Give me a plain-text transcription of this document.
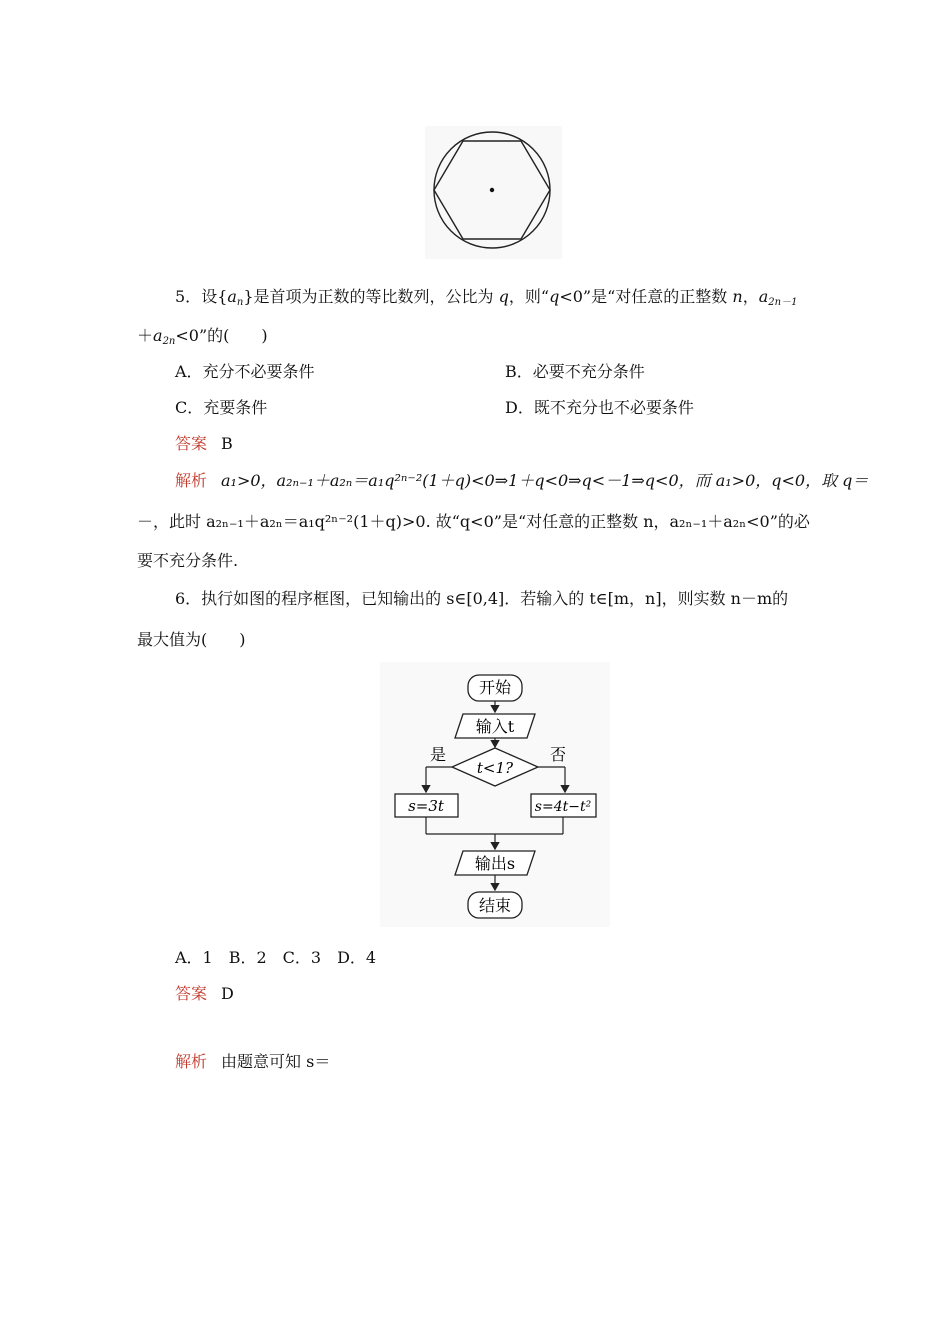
5．设$\{a_n\}$是首项为正数的等比数列，公比为 q，则“q<0”是“对任意的正整数 n，$a_{2n-1}$
$+a_{2n}<0$”的(　　)
A．充分不必要条件	B．必要不充分条件
C．充要条件	D．既不充分也不必要条件
答案 B
解析 a₁>0，a₂ₙ₋₁＋a₂ₙ＝a₁q²ⁿ⁻²(1＋q)<0⇒1＋q<0⇒q<－1⇒q<0，而 a₁>0，q<0，取 q＝
－，此时 a₂ₙ₋₁＋a₂ₙ＝a₁q²ⁿ⁻²(1＋q)>0. 故“q<0”是“对任意的正整数 n，a₂ₙ₋₁＋a₂ₙ<0”的必
要不充分条件.
6．执行如图的程序框图，已知输出的 s∈[0,4]．若输入的 t∈[m，n]，则实数 n－m的
最大值为(　　)
开始
输入t
t<1?
是	否
s=3t	s=4t−t²
输出s
结束
A．1　B．2　C．3　D．4
答案 D
解析 由题意可知 s＝
